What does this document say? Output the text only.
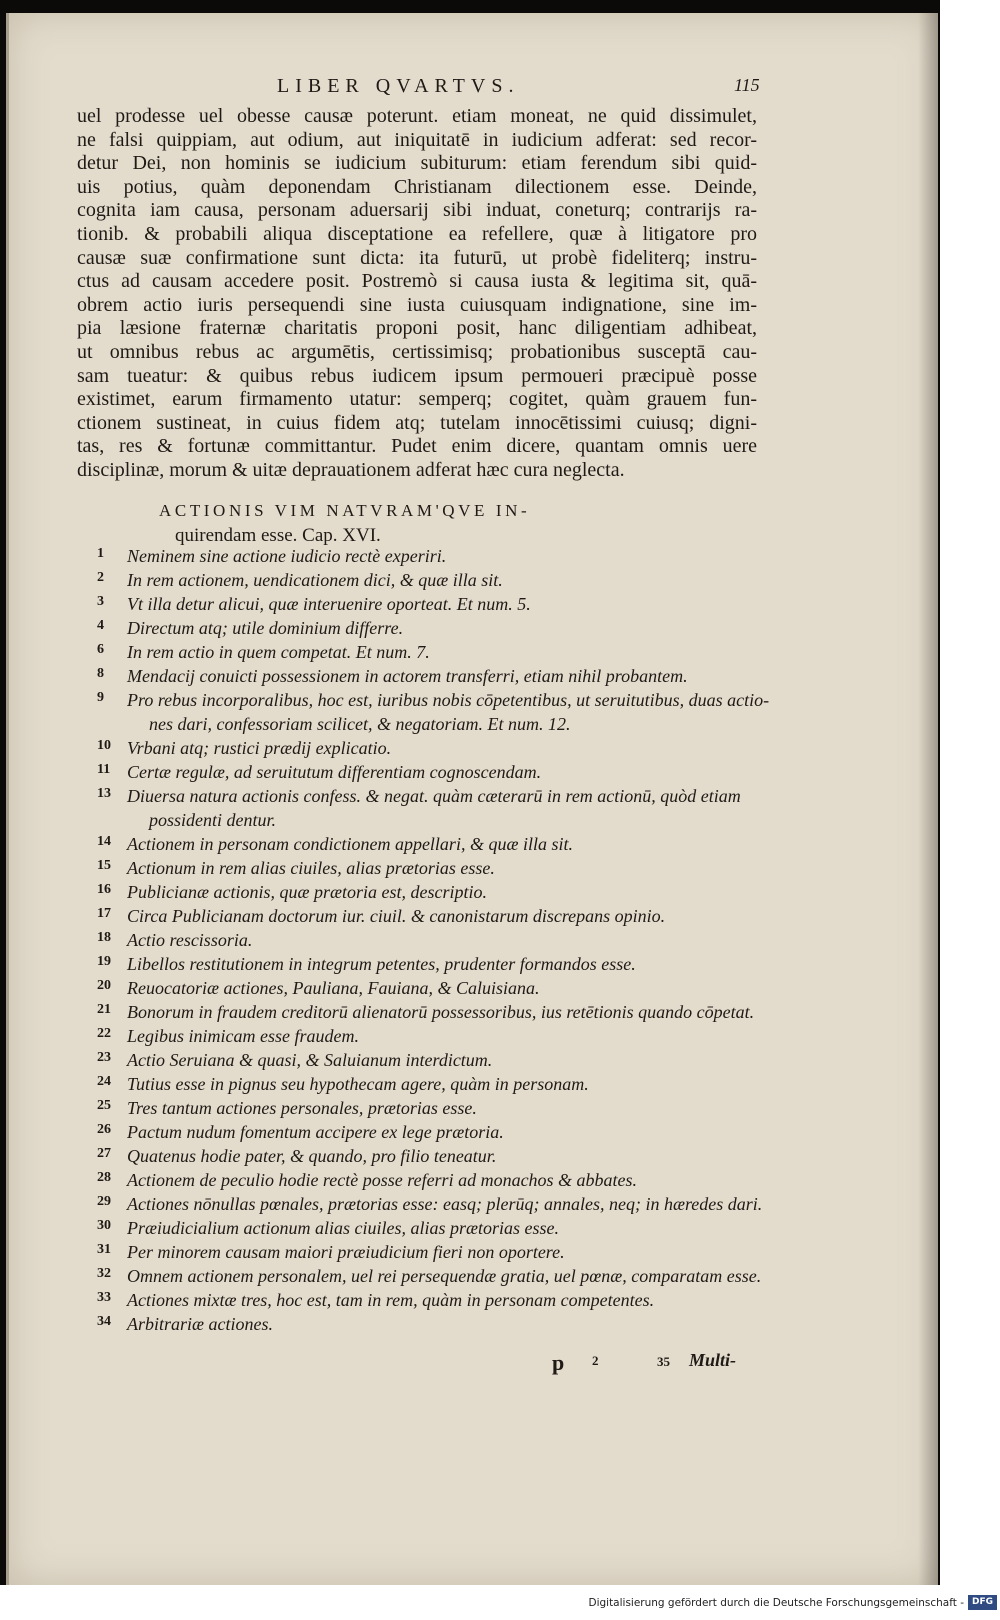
LIBER QVARTVS.	115
uel prodesse uel obesse causæ poterunt. etiam moneat, ne quid dissimulet,
ne falsi quippiam, aut odium, aut iniquitatē in iudicium adferat: sed recor-
detur Dei, non hominis se iudicium subiturum: etiam ferendum sibi quid-
uis potius, quàm deponendam Christianam dilectionem esse. Deinde,
cognita iam causa, personam aduersarij sibi induat, coneturq; contrarijs ra-
tionib. & probabili aliqua disceptatione ea refellere, quæ à litigatore pro
causæ suæ confirmatione sunt dicta: ita futurū, ut probè fideliterq; instru-
ctus ad causam accedere posit. Postremò si causa iusta & legitima sit, quā-
obrem actio iuris persequendi sine iusta cuiusquam indignatione, sine im-
pia læsione fraternæ charitatis proponi posit, hanc diligentiam adhibeat,
ut omnibus rebus ac argumētis, certissimisq; probationibus susceptā cau-
sam tueatur: & quibus rebus iudicem ipsum permoueri præcipuè posse
existimet, earum firmamento utatur: semperq; cogitet, quàm grauem fun-
ctionem sustineat, in cuius fidem atq; tutelam innocētissimi cuiusq; digni-
tas, res & fortunæ committantur. Pudet enim dicere, quantam omnis uere
disciplinæ, morum & uitæ deprauationem adferat hæc cura neglecta.
ACTIONIS VIM NATVRAM'QVE IN-
quirendam esse. Cap. XVI.
1	Neminem sine actione iudicio rectè experiri.
2	In rem actionem, uendicationem dici, & quæ illa sit.
3	Vt illa detur alicui, quæ interuenire oporteat. Et num. 5.
4	Directum atq; utile dominium differre.
6	In rem actio in quem competat. Et num. 7.
8	Mendacij conuicti possessionem in actorem transferri, etiam nihil probantem.
9	Pro rebus incorporalibus, hoc est, iuribus nobis cōpetentibus, ut seruitutibus, duas actio-
nes dari, confessoriam scilicet, & negatoriam. Et num. 12.
10 Vrbani atq; rustici prædij explicatio.
11 Certæ regulæ, ad seruitutum differentiam cognoscendam.
13 Diuersa natura actionis confess. & negat. quàm cæterarū in rem actionū, quòd etiam
possidenti dentur.
14 Actionem in personam condictionem appellari, & quæ illa sit.
15 Actionum in rem alias ciuiles, alias prætorias esse.
16 Publicianæ actionis, quæ prætoria est, descriptio.
17 Circa Publicianam doctorum iur. ciuil. & canonistarum discrepans opinio.
18 Actio rescissoria.
19 Libellos restitutionem in integrum petentes, prudenter formandos esse.
20 Reuocatoriæ actiones, Pauliana, Fauiana, & Caluisiana.
21 Bonorum in fraudem creditorū alienatorū possessoribus, ius retētionis quando cōpetat.
22 Legibus inimicam esse fraudem.
23 Actio Seruiana & quasi, & Saluianum interdictum.
24 Tutius esse in pignus seu hypothecam agere, quàm in personam.
25 Tres tantum actiones personales, prætorias esse.
26 Pactum nudum fomentum accipere ex lege prætoria.
27 Quatenus hodie pater, & quando, pro filio teneatur.
28 Actionem de peculio hodie rectè posse referri ad monachos & abbates.
29 Actiones nōnullas pœnales, prætorias esse: easq; plerūq; annales, neq; in hæredes dari.
30 Præiudicialium actionum alias ciuiles, alias prætorias esse.
31 Per minorem causam maiori præiudicium fieri non oportere.
32 Omnem actionem personalem, uel rei persequendæ gratia, uel pœnæ, comparatam esse.
33 Actiones mixtæ tres, hoc est, tam in rem, quàm in personam competentes.
34 Arbitrariæ actiones.
p 2	35 Multi-
Digitalisierung gefördert durch die Deutsche Forschungsgemeinschaft - DFG
